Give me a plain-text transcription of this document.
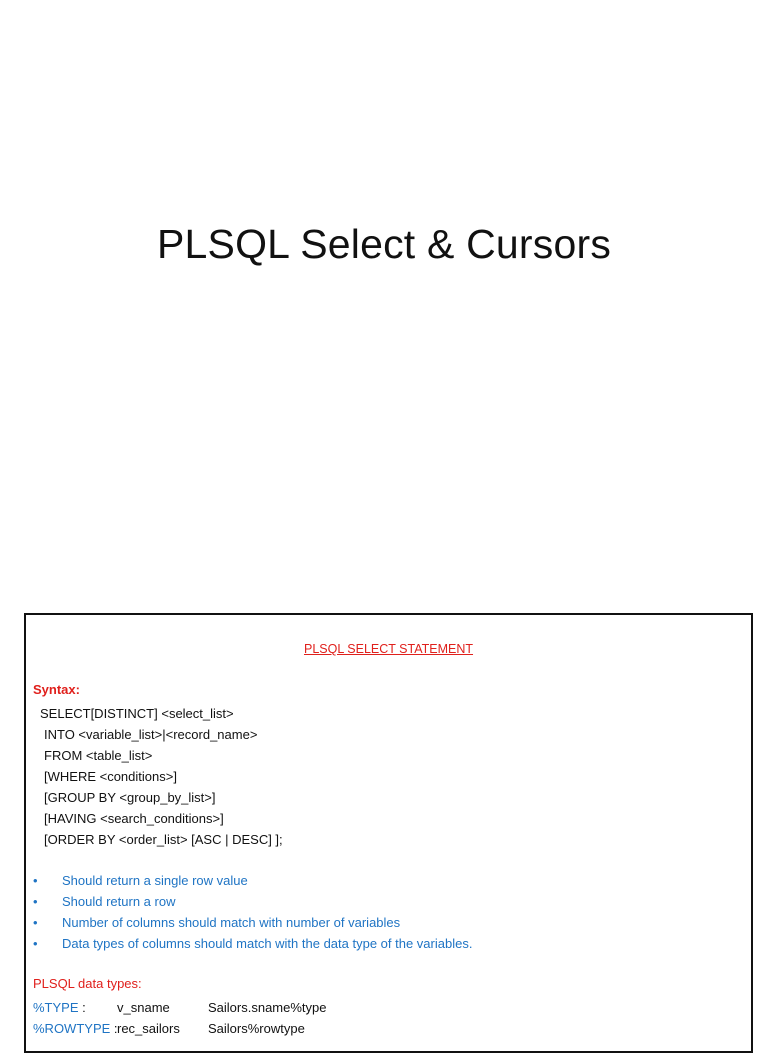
PLSQL Select & Cursors
PLSQL SELECT STATEMENT
Syntax:
SELECT[DISTINCT] <select_list>
INTO <variable_list>|<record_name>
FROM <table_list>
[WHERE <conditions>]
[GROUP BY <group_by_list>]
[HAVING <search_conditions>]
[ORDER BY <order_list> [ASC | DESC] ];
•	Should return a single row value
•	Should return a row
•	Number of columns should match with number of variables
•	Data types of columns should match with the data type of the variables.
PLSQL data types:
%TYPE : v_sname	Sailors.sname%type
%ROWTYPE : rec_sailors Sailors%rowtype
